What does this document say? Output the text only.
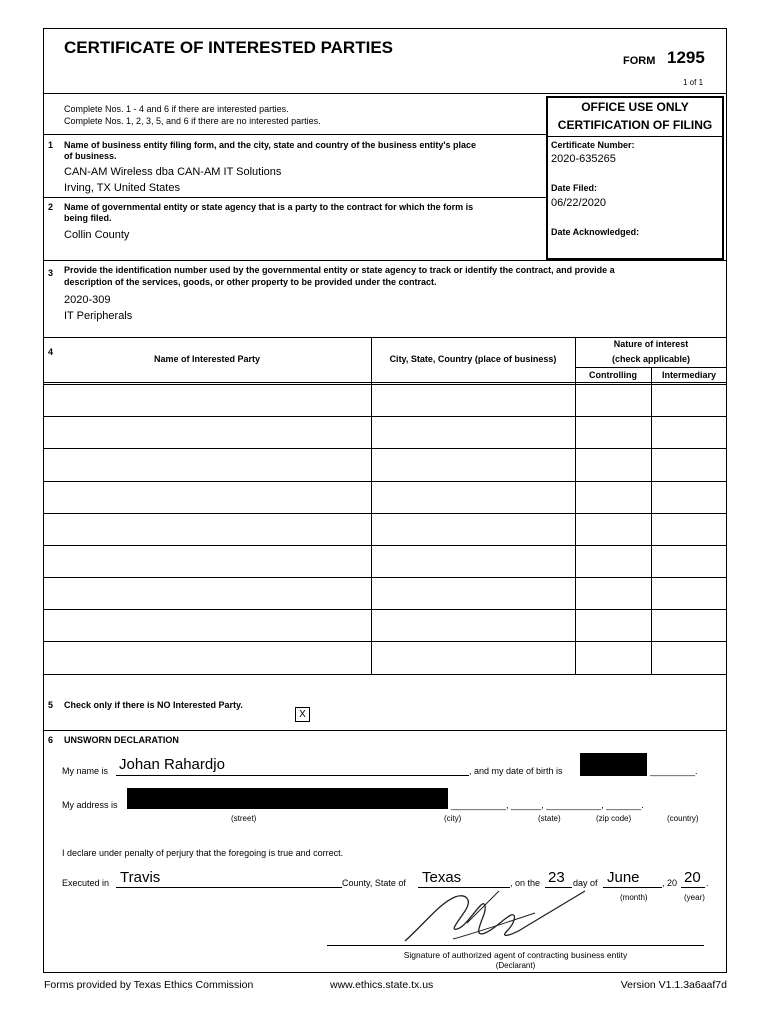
CERTIFICATE OF INTERESTED PARTIES
FORM 1295
1 of 1
Complete Nos. 1 - 4 and 6 if there are interested parties.
Complete Nos. 1, 2, 3, 5, and 6 if there are no interested parties.
OFFICE USE ONLY
CERTIFICATION OF FILING
Certificate Number:
2020-635265
Date Filed:
06/22/2020
Date Acknowledged:
1 Name of business entity filing form, and the city, state and country of the business entity's place
of business.
CAN-AM Wireless dba CAN-AM IT Solutions
Irving, TX United States
2 Name of governmental entity or state agency that is a party to the contract for which the form is
being filed.
Collin County
3 Provide the identification number used by the governmental entity or state agency to track or identify the contract, and provide a
description of the services, goods, or other property to be provided under the contract.
2020-309
IT Peripherals
4
Name of Interested Party	City, State, Country (place of business)
Nature of interest
(check applicable)
Controlling	Intermediary
5 Check only if there is NO Interested Party.
X
6 UNSWORN DECLARATION
My name is Johan Rahardjo	, and my date of birth is	_________.
My address is	___________, ______, ___________, _______.
(street)	(city)	(state)	(zip code)	(country)
I declare under penalty of perjury that the foregoing is true and correct.
Executed in Travis	County, State of Texas	, on the 23 day of June , 20 20 .
(month)	(year)
Signature of authorized agent of contracting business entity
(Declarant)
Forms provided by Texas Ethics Commission	www.ethics.state.tx.us	Version V1.1.3a6aaf7d
